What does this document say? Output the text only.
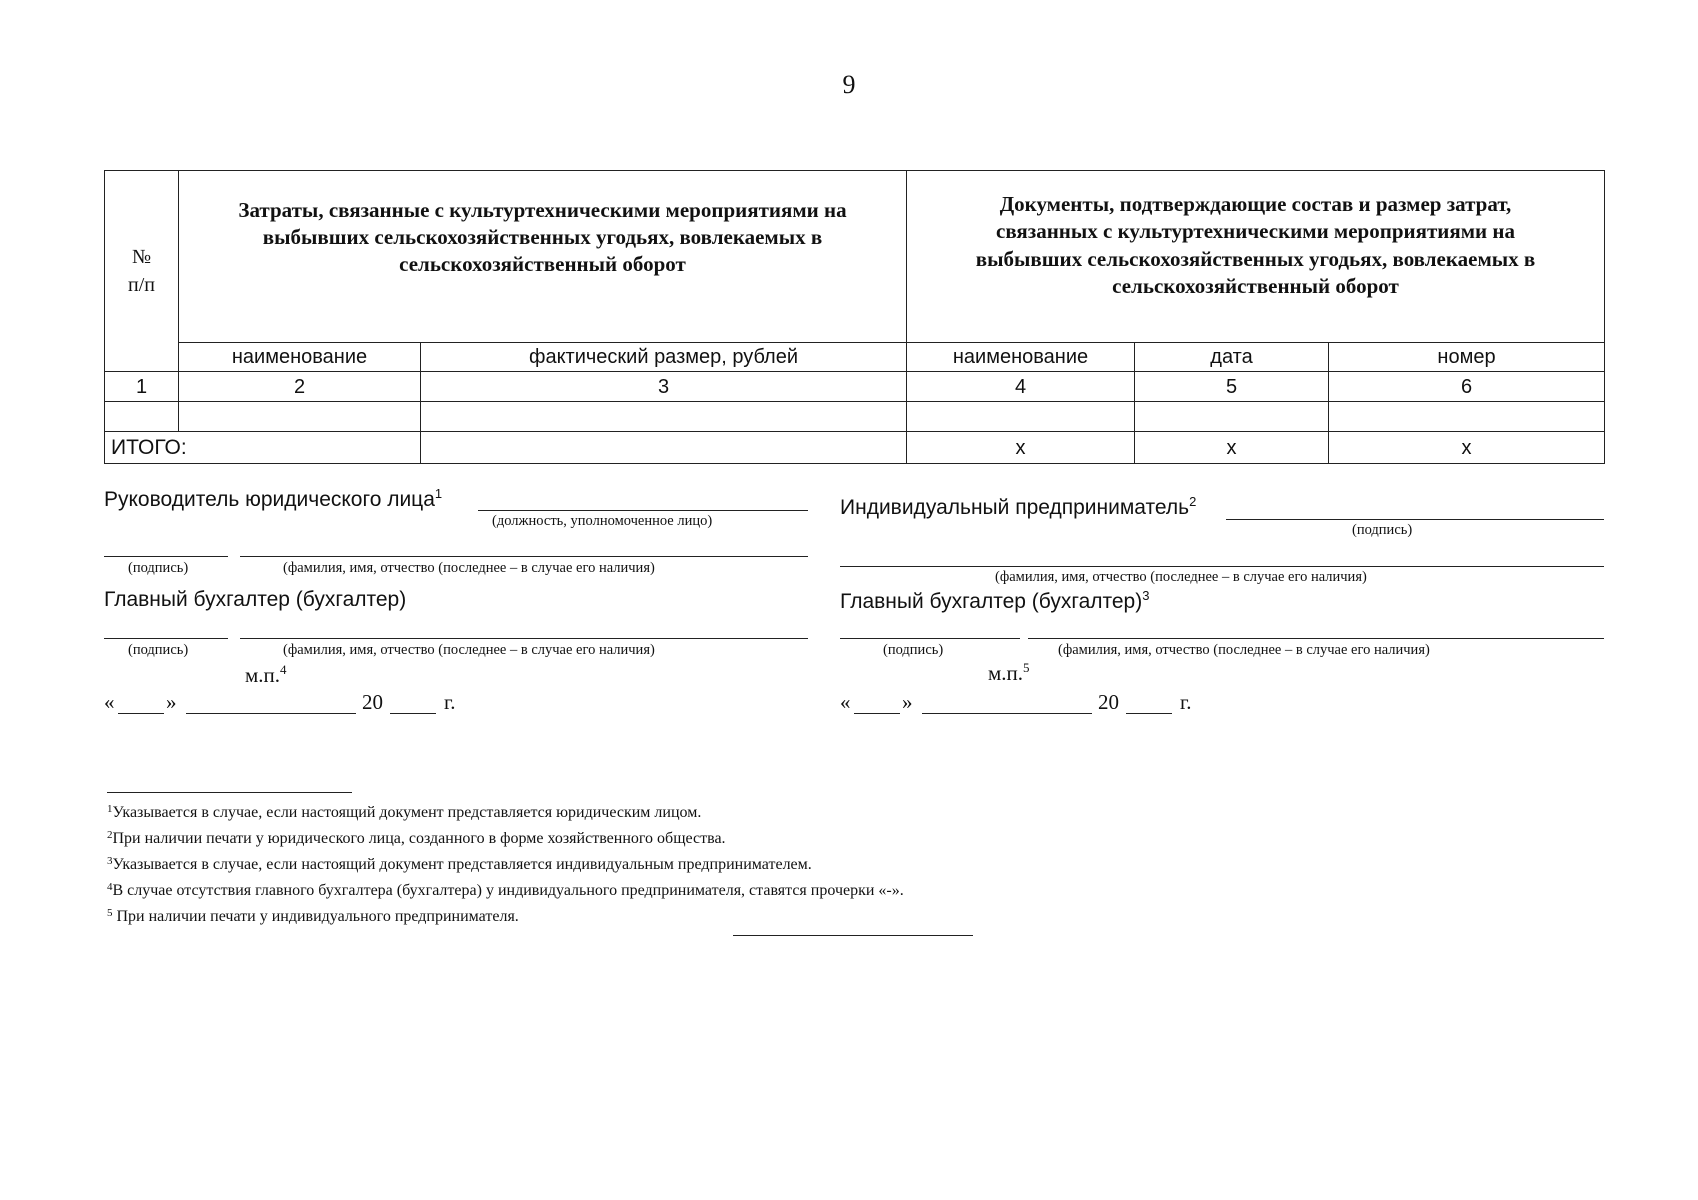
9
№
п/п	Затраты, связанные с культуртехническими мероприятиями на выбывших сельскохозяйственных угодьях, вовлекаемых в сельскохозяйственный оборот		Документы, подтверждающие состав и размер затрат, связанных с культуртехническими мероприятиями на выбывших сельскохозяйственных угодьях, вовлекаемых в сельскохозяйственный оборот		
	наименование	фактический размер, рублей	наименование	дата	номер
1	2	3	4	5	6

ИТОГО:			х	х	х
Руководитель юридического лица$^1$
(должность, уполномоченное лицо)
(подпись)	(фамилия, имя, отчество (последнее – в случае его наличия)
Главный бухгалтер (бухгалтер)
(подпись)	(фамилия, имя, отчество (последнее – в случае его наличия)
м.п.$^4$
« »	20	г.
Индивидуальный предприниматель$^2$
(подпись)
(фамилия, имя, отчество (последнее – в случае его наличия)
Главный бухгалтер (бухгалтер)$^3$
(подпись)	(фамилия, имя, отчество (последнее – в случае его наличия)
м.п.$^5$
« »	20	г.
$^1$Указывается в случае, если настоящий документ представляется юридическим лицом.
$^2$При наличии печати у юридического лица, созданного в форме хозяйственного общества.
$^3$Указывается в случае, если настоящий документ представляется индивидуальным предпринимателем.
$^4$В случае отсутствия главного бухгалтера (бухгалтера) у индивидуального предпринимателя, ставятся прочерки «-».
$^5$ При наличии печати у индивидуального предпринимателя.
